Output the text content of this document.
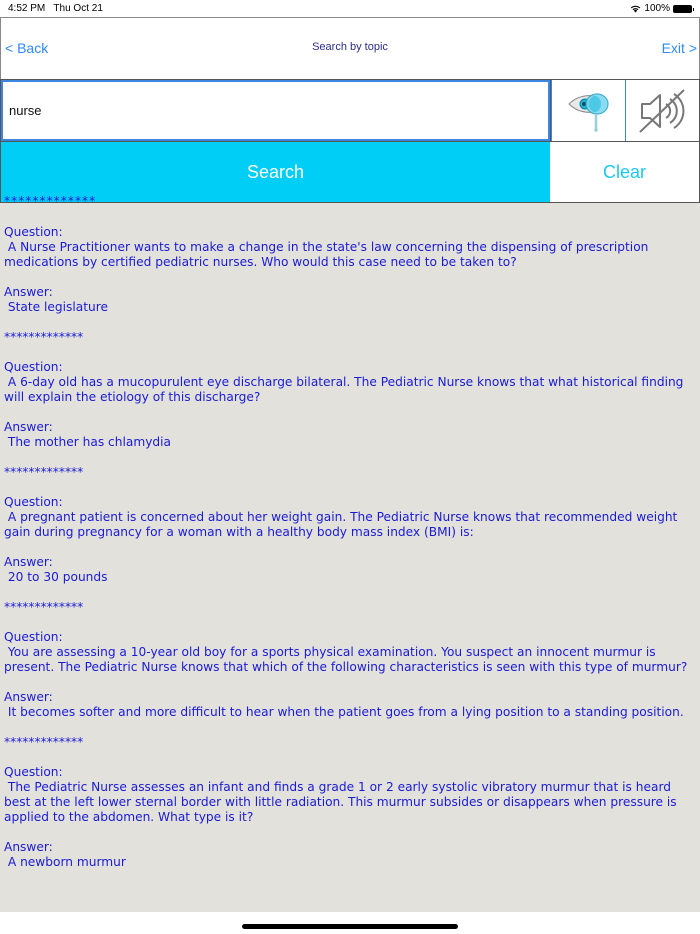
4:52 PM Thu Oct 21	100%
< Back	Search by topic	Exit >
nurse
Search	Clear
*************
Question:
A Nurse Practitioner wants to make a change in the state's law concerning the dispensing of prescription medications by certified pediatric nurses. Who would this case need to be taken to?
Answer:
State legislature
*************
Question:
A 6-day old has a mucopurulent eye discharge bilateral. The Pediatric Nurse knows that what historical finding will explain the etiology of this discharge?
Answer:
The mother has chlamydia
*************
Question:
A pregnant patient is concerned about her weight gain. The Pediatric Nurse knows that recommended weight gain during pregnancy for a woman with a healthy body mass index (BMI) is:
Answer:
20 to 30 pounds
*************
Question:
You are assessing a 10-year old boy for a sports physical examination. You suspect an innocent murmur is present. The Pediatric Nurse knows that which of the following characteristics is seen with this type of murmur?
Answer:
It becomes softer and more difficult to hear when the patient goes from a lying position to a standing position.
*************
Question:
The Pediatric Nurse assesses an infant and finds a grade 1 or 2 early systolic vibratory murmur that is heard best at the left lower sternal border with little radiation. This murmur subsides or disappears when pressure is applied to the abdomen. What type is it?
Answer:
A newborn murmur
